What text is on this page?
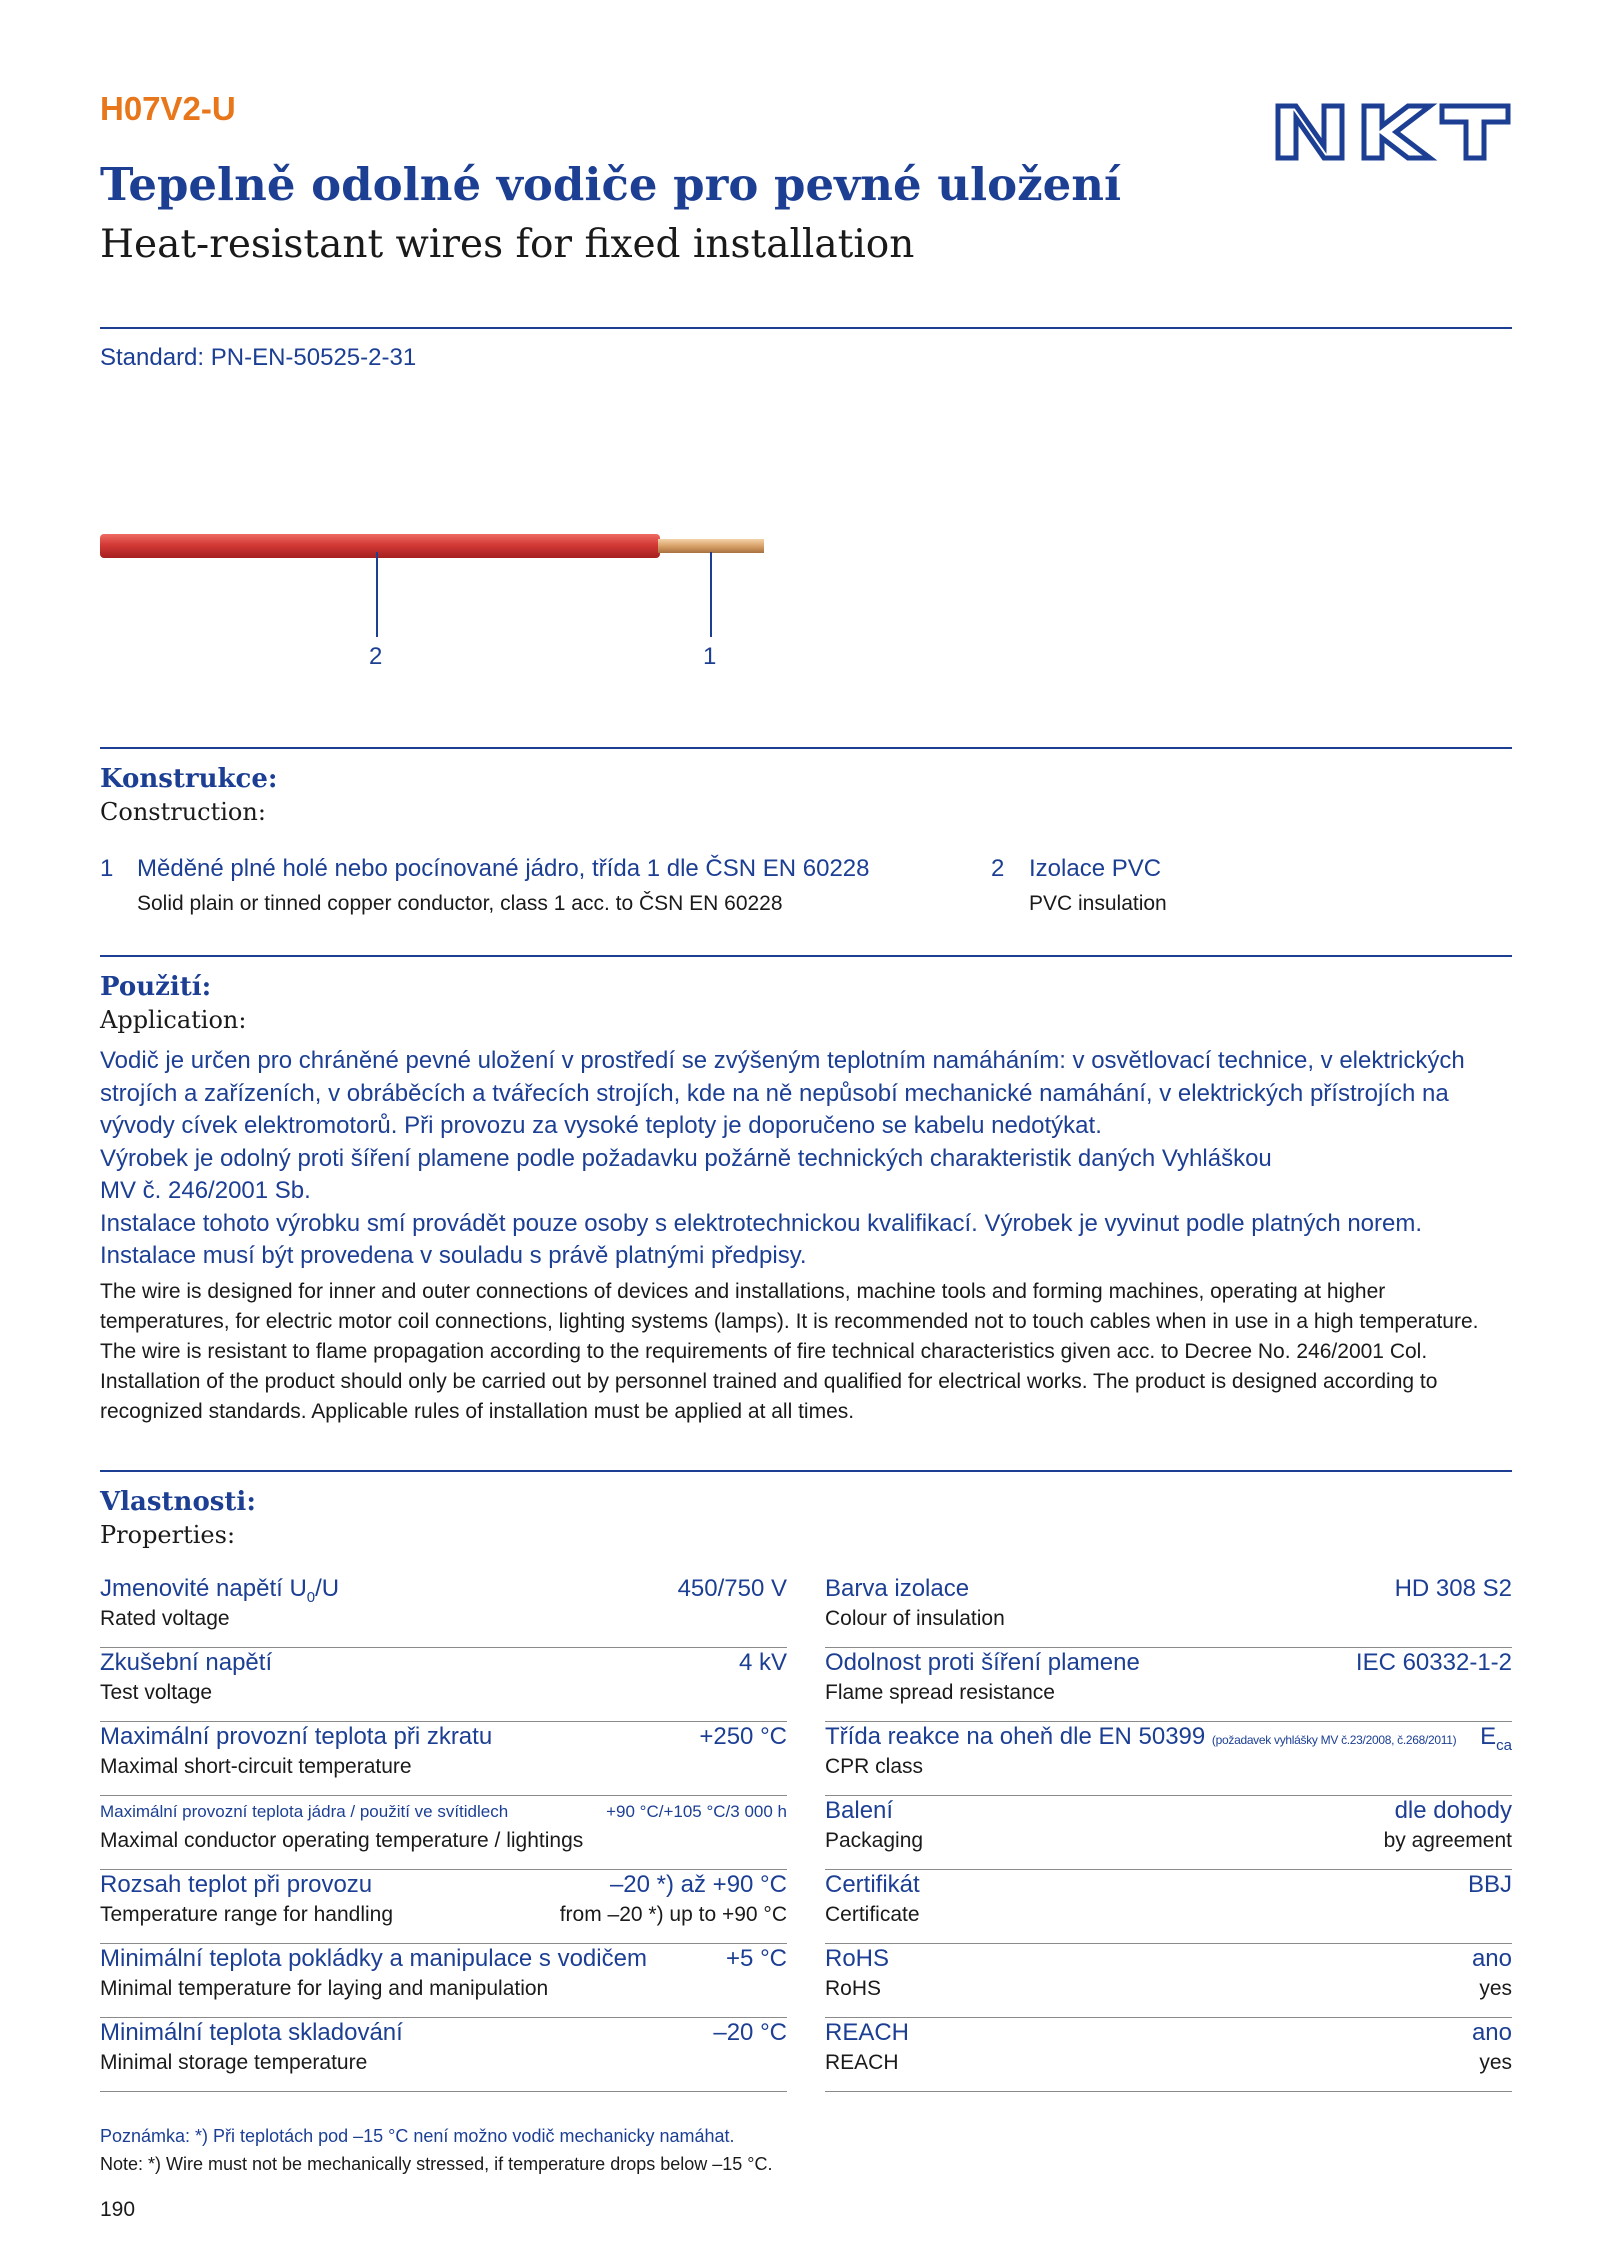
H07V2-U
Tepelně odolné vodiče pro pevné uložení
Heat-resistant wires for fixed installation
Standard: PN-EN-50525-2-31
2	1
Konstrukce:
Construction:
1 Měděné plné holé nebo pocínované jádro, třída 1 dle ČSN EN 60228
Solid plain or tinned copper conductor, class 1 acc. to ČSN EN 60228
2 Izolace PVC
PVC insulation
Použití:
Application:
Vodič je určen pro chráněné pevné uložení v prostředí se zvýšeným teplotním namáháním: v osvětlovací technice, v elektrických strojích a zařízeních, v obráběcích a tvářecích strojích, kde na ně nepůsobí mechanické namáhání, v elektrických přístrojích na vývody cívek elektromotorů. Při provozu za vysoké teploty je doporučeno se kabelu nedotýkat.
Výrobek je odolný proti šíření plamene podle požadavku požárně technických charakteristik daných Vyhláškou
MV č. 246/2001 Sb.
Instalace tohoto výrobku smí provádět pouze osoby s elektrotechnickou kvalifikací. Výrobek je vyvinut podle platných norem. Instalace musí být provedena v souladu s právě platnými předpisy.
The wire is designed for inner and outer connections of devices and installations, machine tools and forming machines, operating at higher temperatures, for electric motor coil connections, lighting systems (lamps). It is recommended not to touch cables when in use in a high temperature.
The wire is resistant to flame propagation according to the requirements of fire technical characteristics given acc. to Decree No. 246/2001 Col.
Installation of the product should only be carried out by personnel trained and qualified for electrical works. The product is designed according to recognized standards. Applicable rules of installation must be applied at all times.
Vlastnosti:
Properties:
Jmenovité napětí $U_0/U$
Rated voltage
450/750 V
Zkušební napětí
Test voltage
4 kV
Maximální provozní teplota při zkratu
Maximal short-circuit temperature
+250 °C
Maximální provozní teplota jádra / použití ve svítidlech
Maximal conductor operating temperature / lightings
+90 °C/+105 °C/3 000 h
Rozsah teplot při provozu
Temperature range for handling
–20 *) až +90 °C
from –20 *) up to +90 °C
Minimální teplota pokládky a manipulace s vodičem
Minimal temperature for laying and manipulation
+5 °C
Minimální teplota skladování
Minimal storage temperature
–20 °C
Barva izolace
Colour of insulation
HD 308 S2
Odolnost proti šíření plamene
Flame spread resistance
IEC 60332-1-2
Třída reakce na oheň dle EN 50399 (požadavek vyhlášky MV č.23/2008, č.268/2011)
CPR class
$E_{ca}$
Balení
Packaging
dle dohody
by agreement
Certifikát
Certificate
BBJ
RoHS
RoHS
ano
yes
REACH
REACH
ano
yes
Poznámka: *) Při teplotách pod –15 °C není možno vodič mechanicky namáhat.
Note: *) Wire must not be mechanically stressed, if temperature drops below –15 °C.
190
